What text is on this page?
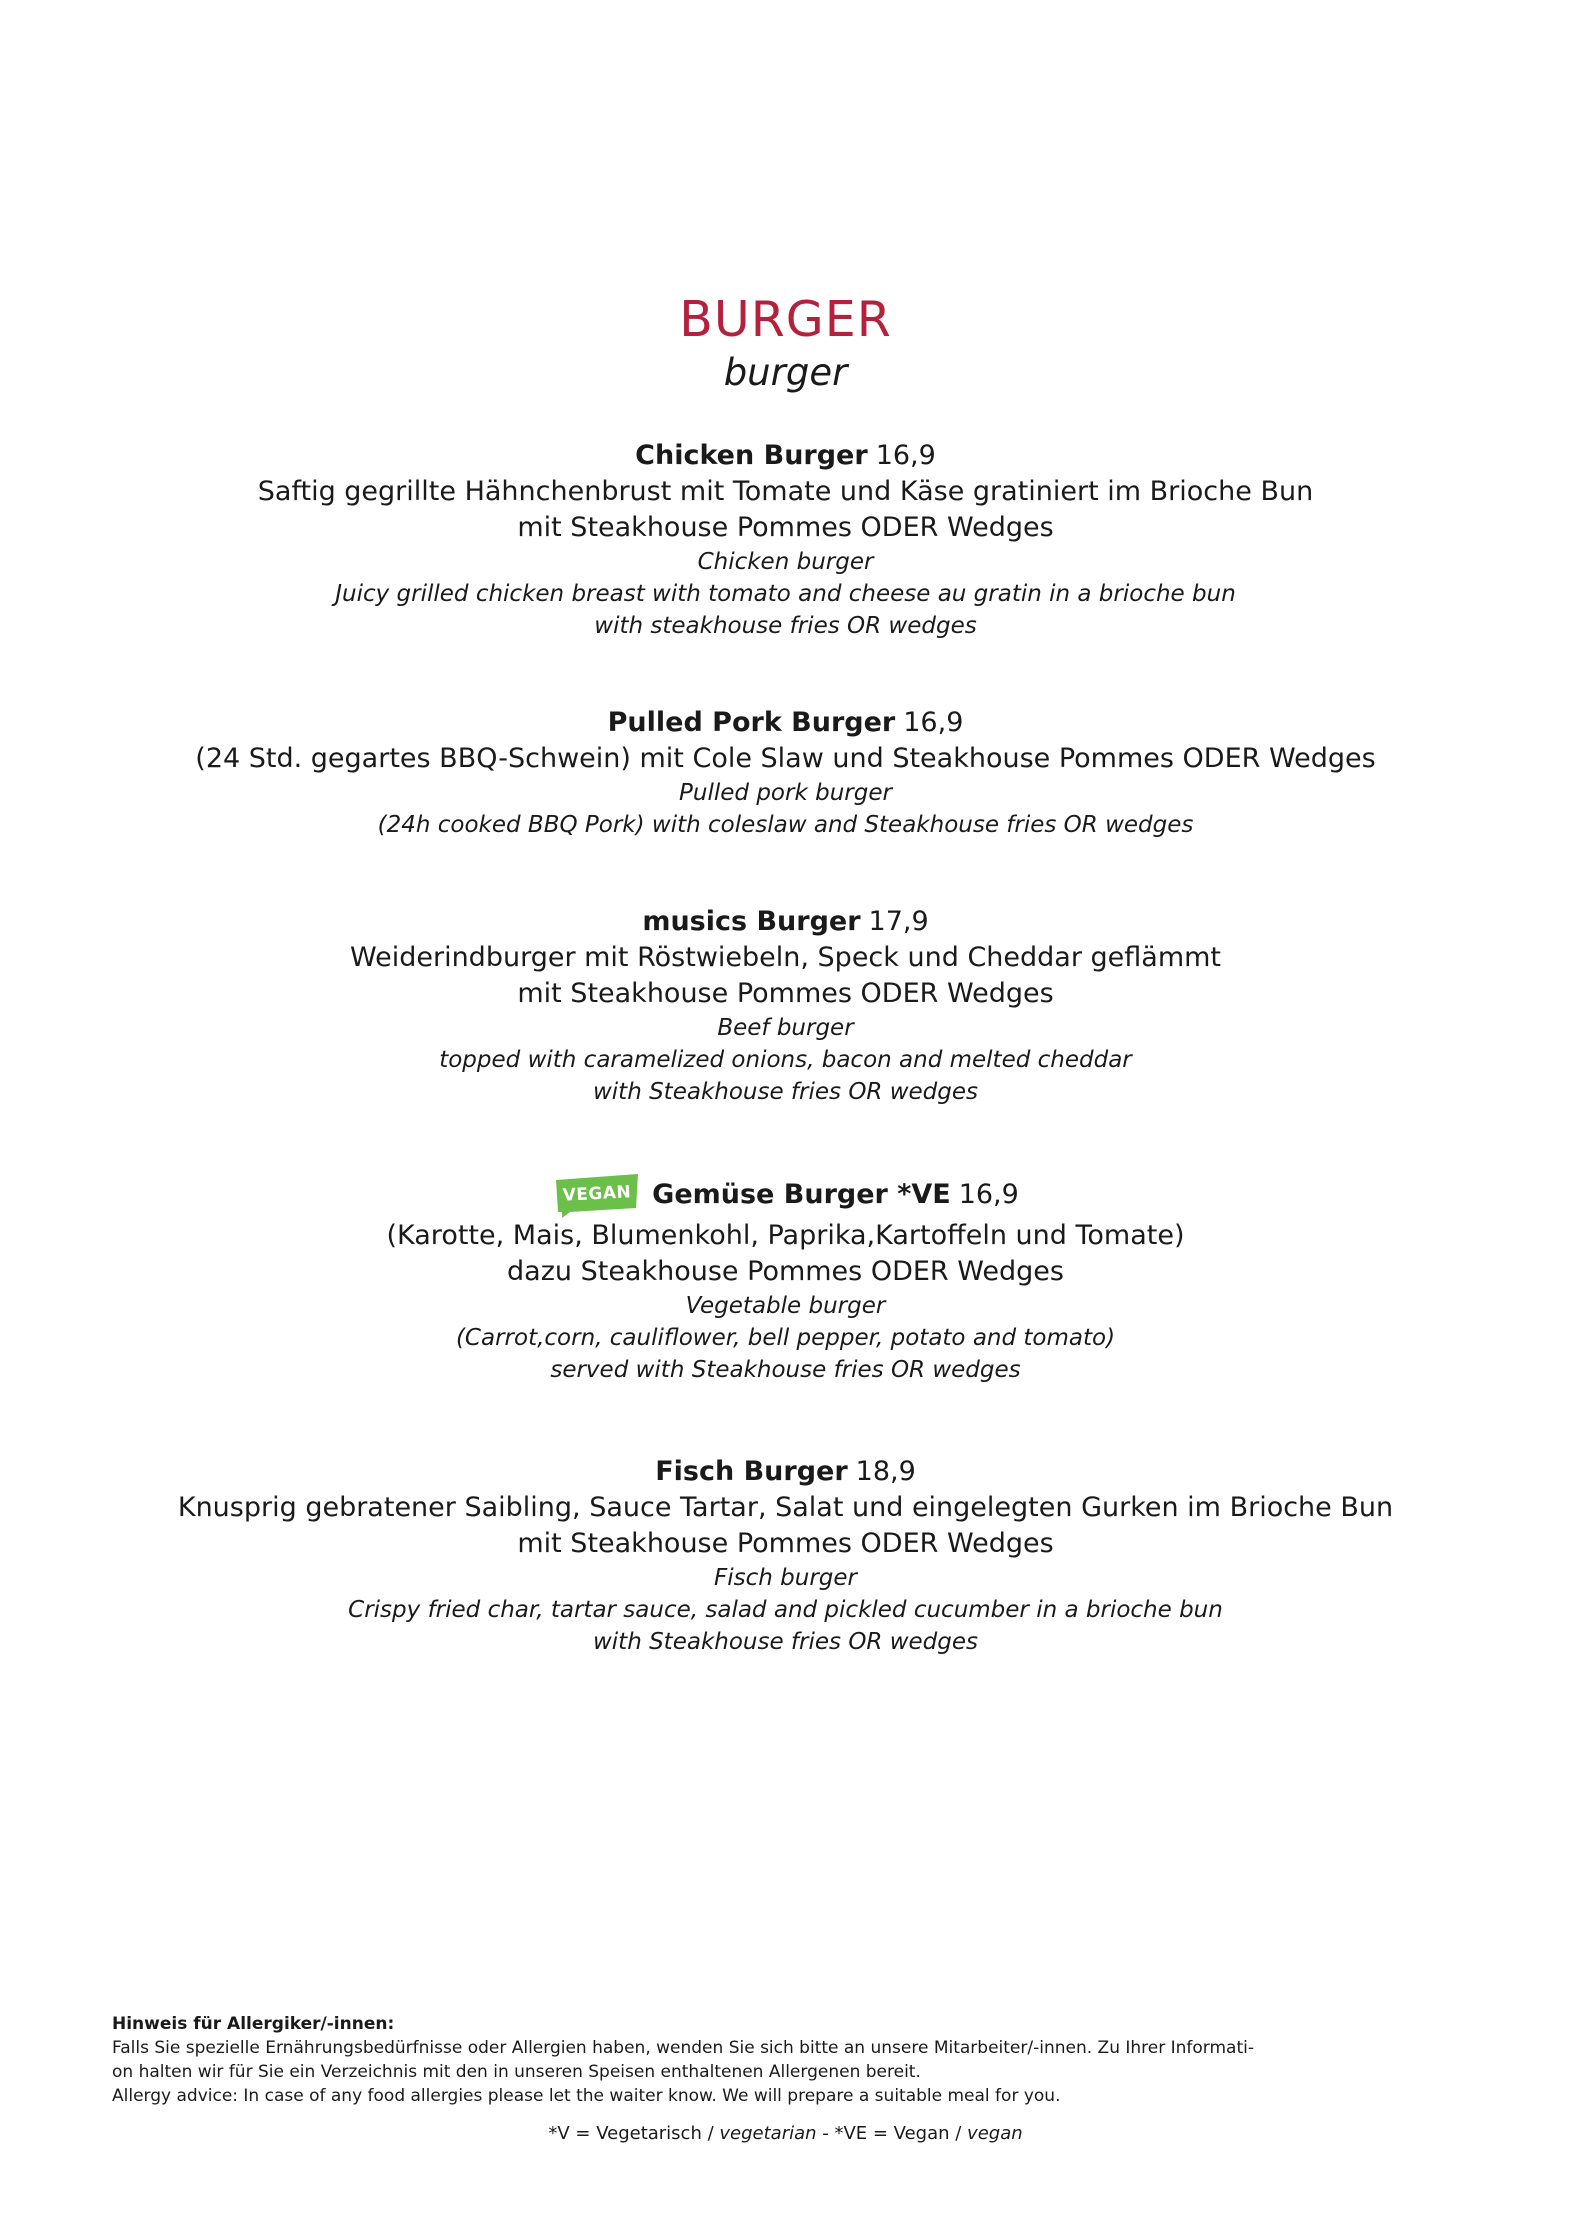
BURGER
burger
Chicken Burger 16,9
Saftig gegrillte Hähnchenbrust mit Tomate und Käse gratiniert im Brioche Bun
mit Steakhouse Pommes ODER Wedges
Chicken burger
Juicy grilled chicken breast with tomato and cheese au gratin in a brioche bun
with steakhouse fries OR wedges
Pulled Pork Burger 16,9
(24 Std. gegartes BBQ-Schwein) mit Cole Slaw und Steakhouse Pommes ODER Wedges
Pulled pork burger
(24h cooked BBQ Pork) with coleslaw and Steakhouse fries OR wedges
musics Burger 17,9
Weiderindburger mit Röstwiebeln, Speck und Cheddar geflämmt
mit Steakhouse Pommes ODER Wedges
Beef burger
topped with caramelized onions, bacon and melted cheddar
with Steakhouse fries OR wedges
VEGAN Gemüse Burger *VE 16,9
(Karotte, Mais, Blumenkohl, Paprika,Kartoffeln und Tomate)
dazu Steakhouse Pommes ODER Wedges
Vegetable burger
(Carrot,corn, cauliflower, bell pepper, potato and tomato)
served with Steakhouse fries OR wedges
Fisch Burger 18,9
Knusprig gebratener Saibling, Sauce Tartar, Salat und eingelegten Gurken im Brioche Bun
mit Steakhouse Pommes ODER Wedges
Fisch burger
Crispy fried char, tartar sauce, salad and pickled cucumber in a brioche bun
with Steakhouse fries OR wedges
Hinweis für Allergiker/-innen:
Falls Sie spezielle Ernährungsbedürfnisse oder Allergien haben, wenden Sie sich bitte an unsere Mitarbeiter/-innen. Zu Ihrer Informati-
on halten wir für Sie ein Verzeichnis mit den in unseren Speisen enthaltenen Allergenen bereit.
Allergy advice: In case of any food allergies please let the waiter know. We will prepare a suitable meal for you.
*V = Vegetarisch / vegetarian - *VE = Vegan / vegan
